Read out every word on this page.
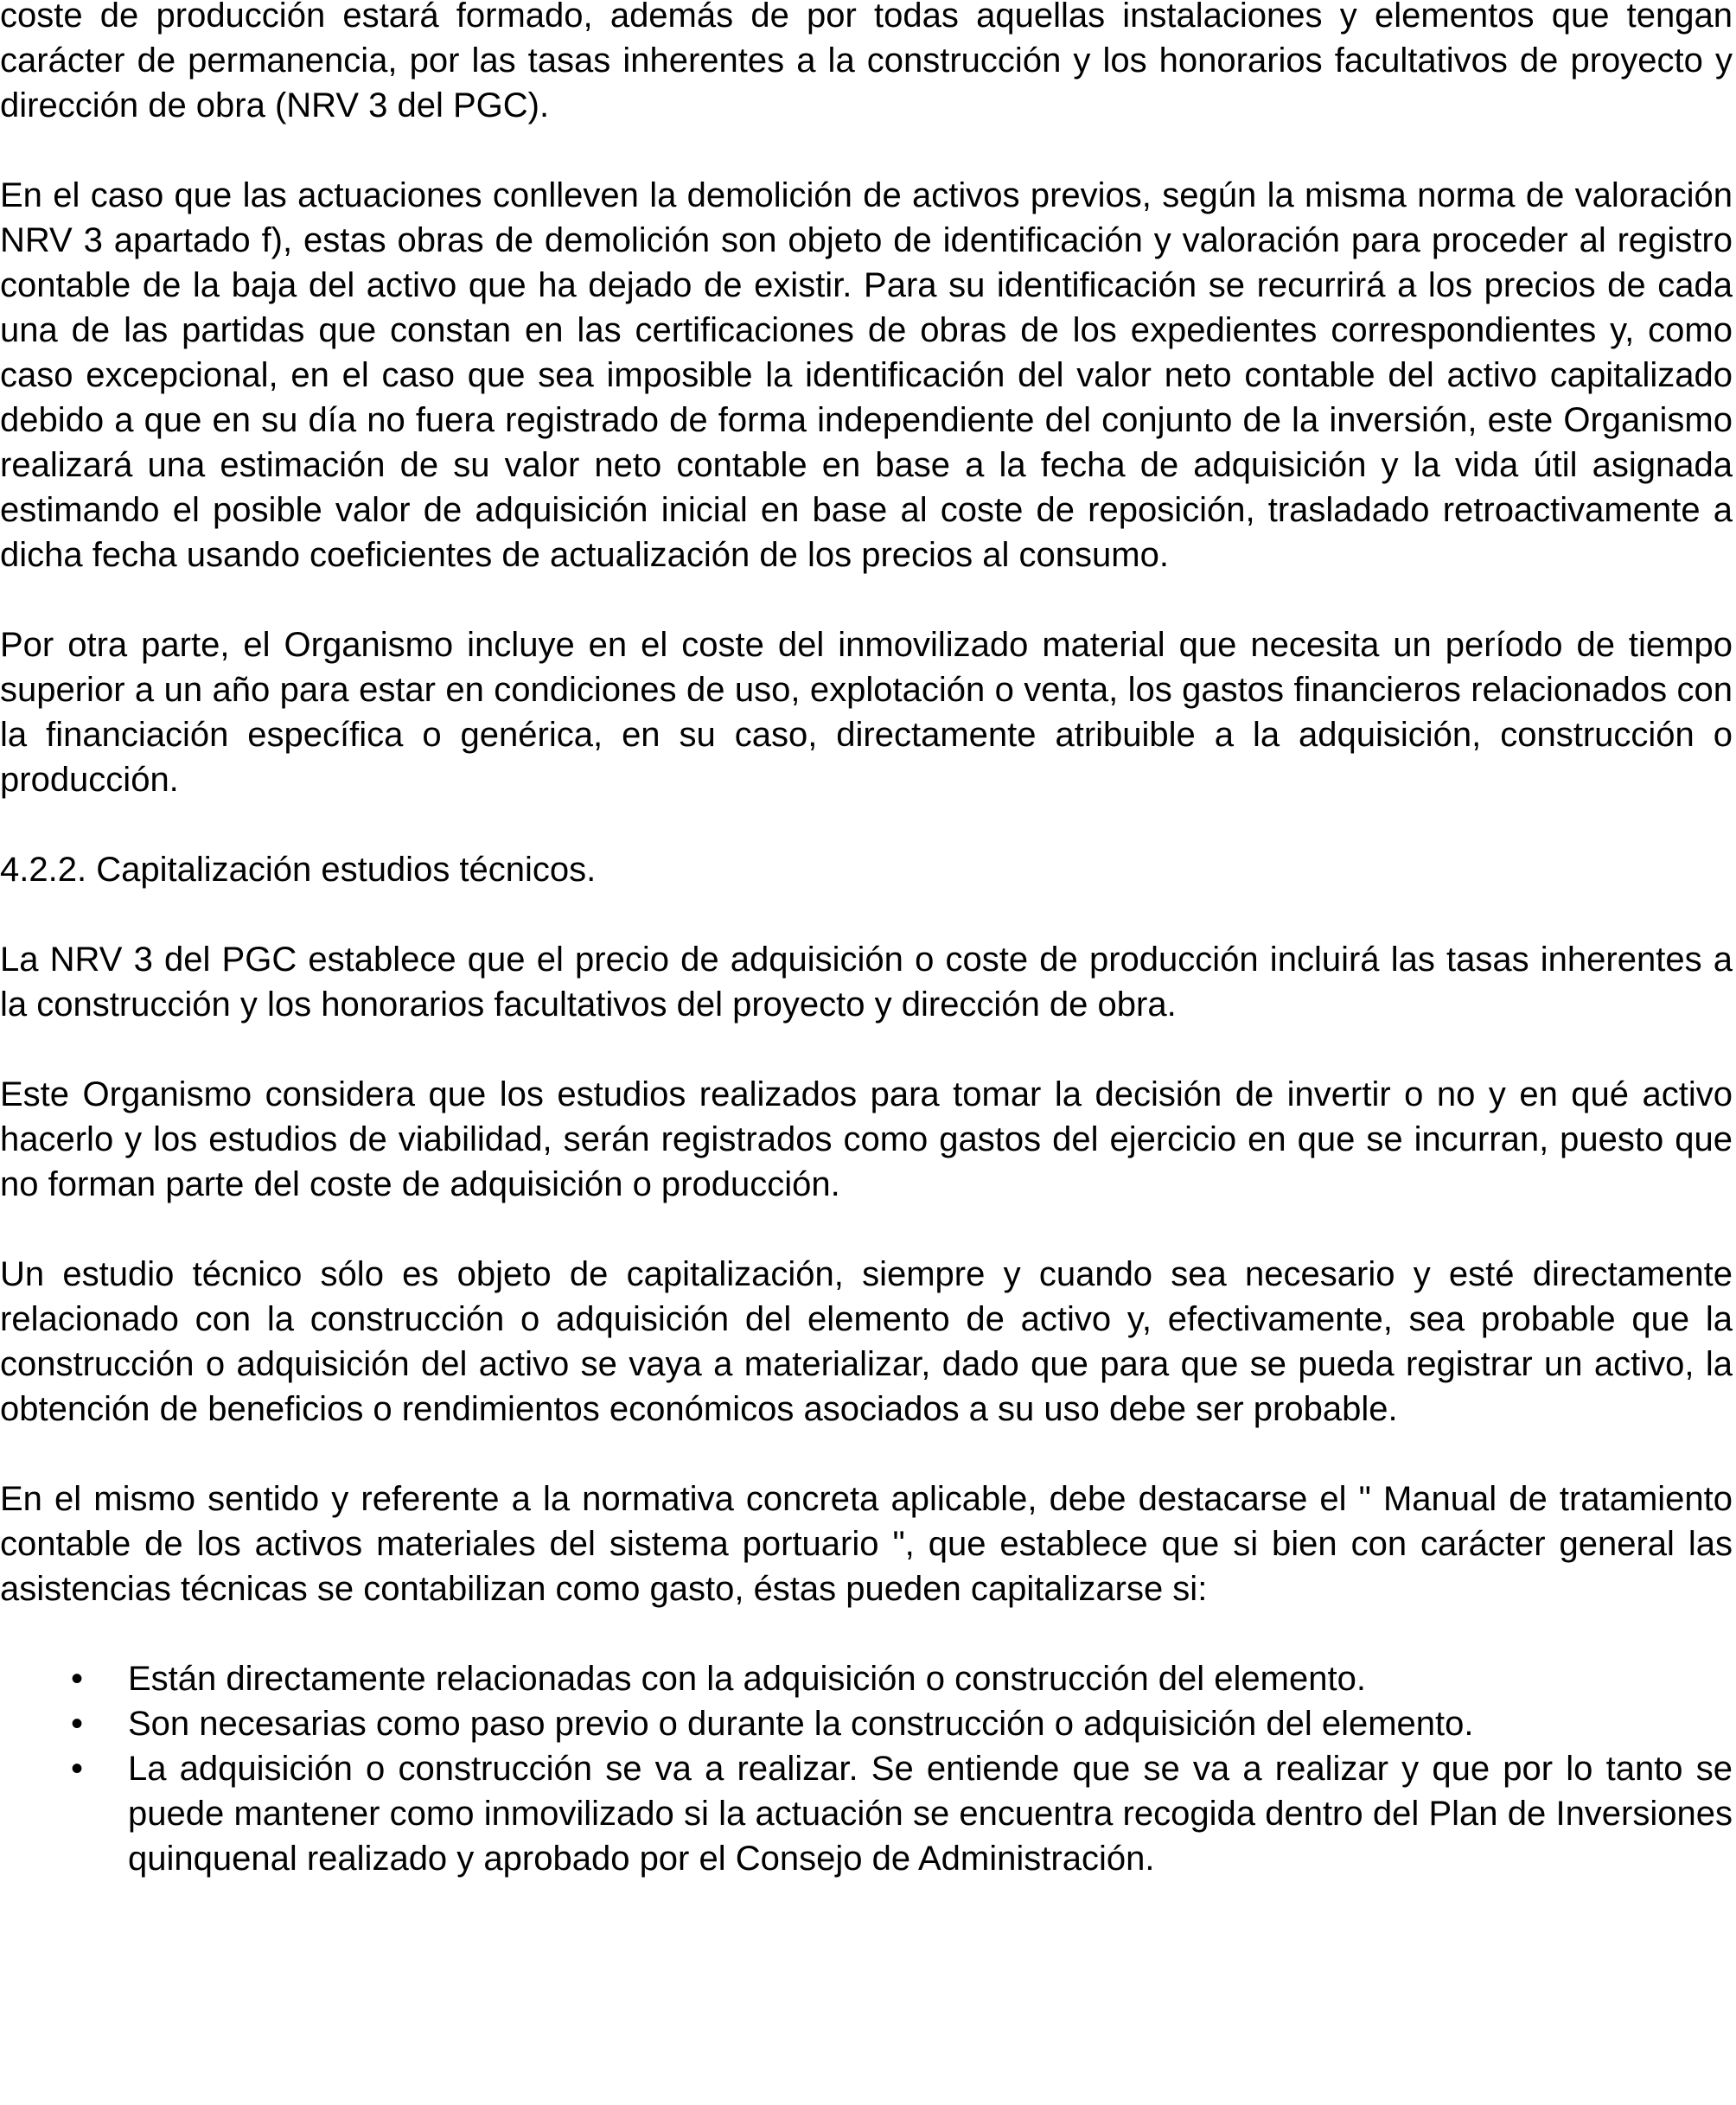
coste de producción estará formado, además de por todas aquellas instalaciones y elementos que tengan carácter de permanencia, por las tasas inherentes a la construcción y los honorarios facultativos de proyecto y dirección de obra (NRV 3 del PGC).

En el caso que las actuaciones conlleven la demolición de activos previos, según la misma norma de valoración NRV 3 apartado f), estas obras de demolición son objeto de identificación y valoración para proceder al registro contable de la baja del activo que ha dejado de existir. Para su identificación se recurrirá a los precios de cada una de las partidas que constan en las certificaciones de obras de los expedientes correspondientes y, como caso excepcional, en el caso que sea imposible la identificación del valor neto contable del activo capitalizado debido a que en su día no fuera registrado de forma independiente del conjunto de la inversión, este Organismo realizará una estimación de su valor neto contable en base a la fecha de adquisición y la vida útil asignada estimando el posible valor de adquisición inicial en base al coste de reposición, trasladado retroactivamente a dicha fecha usando coeficientes de actualización de los precios al consumo.

Por otra parte, el Organismo incluye en el coste del inmovilizado material que necesita un período de tiempo superior a un año para estar en condiciones de uso, explotación o venta, los gastos financieros relacionados con la financiación específica o genérica, en su caso, directamente atribuible a la adquisición, construcción o producción.

4.2.2. Capitalización estudios técnicos.

La NRV 3 del PGC establece que el precio de adquisición o coste de producción incluirá las tasas inherentes a la construcción y los honorarios facultativos del proyecto y dirección de obra.

Este Organismo considera que los estudios realizados para tomar la decisión de invertir o no y en qué activo hacerlo y los estudios de viabilidad, serán registrados como gastos del ejercicio en que se incurran, puesto que no forman parte del coste de adquisición o producción.

Un estudio técnico sólo es objeto de capitalización, siempre y cuando sea necesario y esté directamente relacionado con la construcción o adquisición del elemento de activo y, efectivamente, sea probable que la construcción o adquisición del activo se vaya a materializar, dado que para que se pueda registrar un activo, la obtención de beneficios o rendimientos económicos asociados a su uso debe ser probable.

En el mismo sentido y referente a la normativa concreta aplicable, debe destacarse el " Manual de tratamiento contable de los activos materiales del sistema portuario ", que establece que si bien con carácter general las asistencias técnicas se contabilizan como gasto, éstas pueden capitalizarse si:

• Están directamente relacionadas con la adquisición o construcción del elemento.
• Son necesarias como paso previo o durante la construcción o adquisición del elemento.
• La adquisición o construcción se va a realizar. Se entiende que se va a realizar y que por lo tanto se puede mantener como inmovilizado si la actuación se encuentra recogida dentro del Plan de Inversiones quinquenal realizado y aprobado por el Consejo de Administración.
